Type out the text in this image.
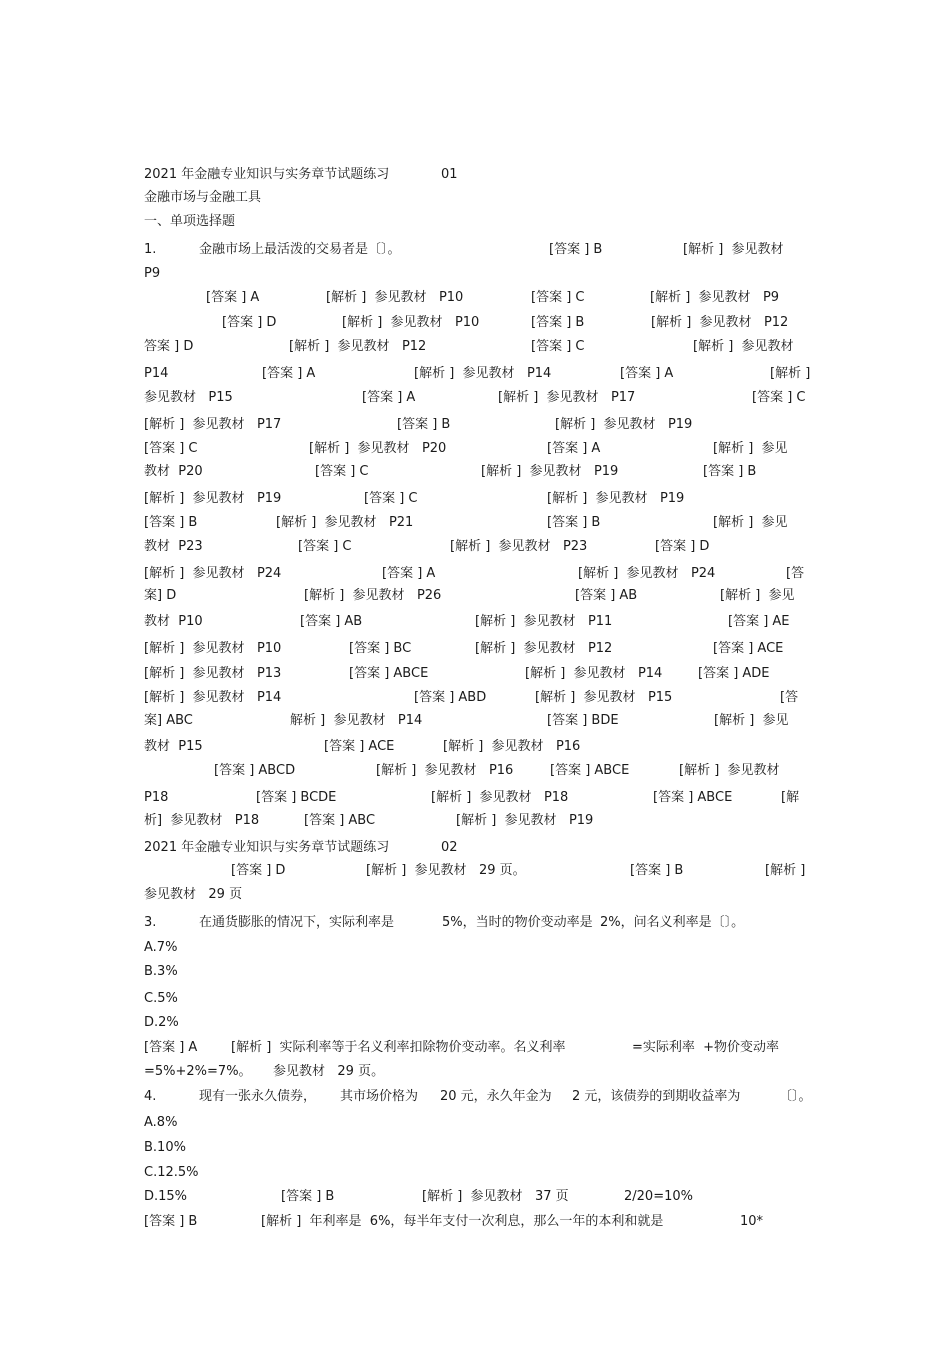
2021 年金融专业知识与实务章节试题练习	01
金融市场与金融工具
一、单项选择题
1.	金融市场上最活泼的交易者是〔〕。	[答案 ] B	[解析 ]  参见教材
P9
[答案 ] A	[解析 ]  参见教材   P10	[答案 ] C	[解析 ]  参见教材   P9
[答案 ] D	[解析 ]  参见教材   P10	[答案 ] B	[解析 ]  参见教材   P12
答案 ] D	[解析 ]  参见教材   P12	[答案 ] C	[解析 ]  参见教材
P14	[答案 ] A	[解析 ]  参见教材   P14	[答案 ] A	[解析 ]
参见教材   P15	[答案 ] A	[解析 ]  参见教材   P17	[答案 ] C
[解析 ]  参见教材   P17	[答案 ] B	[解析 ]  参见教材   P19
[答案 ] C	[解析 ]  参见教材   P20	[答案 ] A	[解析 ]  参见
教材  P20	[答案 ] C	[解析 ]  参见教材   P19	[答案 ] B
[解析 ]  参见教材   P19	[答案 ] C	[解析 ]  参见教材   P19
[答案 ] B	[解析 ]  参见教材   P21	[答案 ] B	[解析 ]  参见
教材  P23	[答案 ] C	[解析 ]  参见教材   P23	[答案 ] D
[解析 ]  参见教材   P24	[答案 ] A	[解析 ]  参见教材   P24	[答
案] D	[解析 ]  参见教材   P26	[答案 ] AB	[解析 ]  参见
教材  P10	[答案 ] AB	[解析 ]  参见教材   P11	[答案 ] AE
[解析 ]  参见教材   P10	[答案 ] BC	[解析 ]  参见教材   P12	[答案 ] ACE
[解析 ]  参见教材   P13	[答案 ] ABCE	[解析 ]  参见教材   P14	[答案 ] ADE
[解析 ]  参见教材   P14	[答案 ] ABD	[解析 ]  参见教材   P15	[答
案] ABC	解析 ]  参见教材   P14	[答案 ] BDE	[解析 ]  参见
教材  P15	[答案 ] ACE	[解析 ]  参见教材   P16
[答案 ] ABCD	[解析 ]  参见教材   P16	[答案 ] ABCE	[解析 ]  参见教材
P18	[答案 ] BCDE	[解析 ]  参见教材   P18	[答案 ] ABCE	[解
析]  参见教材   P18	[答案 ] ABC	[解析 ]  参见教材   P19
2021 年金融专业知识与实务章节试题练习	02
[答案 ] D	[解析 ]  参见教材   29 页。	[答案 ] B	[解析 ]
参见教材   29 页
3.	在通货膨胀的情况下，实际利率是	5%，当时的物价变动率是 2%，问名义利率是〔〕。
A.7%
B.3%
C.5%
D.2%
[答案 ] A	[解析 ]  实际利率等于名义利率扣除物价变动率。名义利率	=实际利率  +物价变动率
=5%+2%=7%。 参见教材   29 页。
4.	现有一张永久债券， 其市场价格为 20 元，永久年金为 2 元，该债券的到期收益率为	〔〕。
A.8%
B.10%
C.12.5%
D.15%	[答案 ] B	[解析 ]  参见教材   37 页	2/20=10%
[答案 ] B	[解析 ]  年利率是  6%，每半年支付一次利息，那么一年的本利和就是	10*
